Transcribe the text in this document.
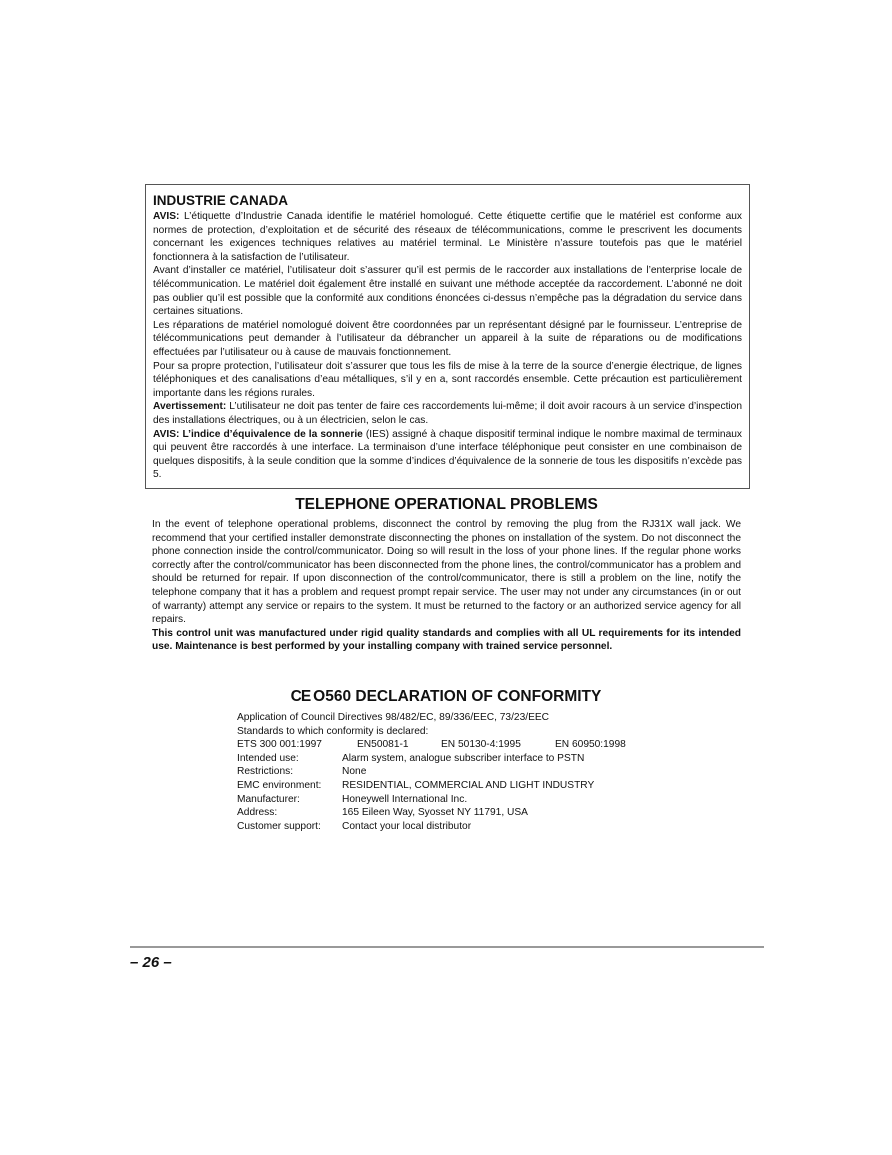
INDUSTRIE CANADA

AVIS: L’étiquette d’Industrie Canada identifie le matériel homologué. Cette étiquette certifie que le matériel est conforme aux normes de protection, d’exploitation et de sécurité des réseaux de télécommunications, comme le prescrivent les documents concernant les exigences techniques relatives au matériel terminal. Le Ministère n’assure toutefois pas que le matériel fonctionnera à la satisfaction de l’utilisateur.

Avant d’installer ce matériel, l’utilisateur doit s’assurer qu’il est permis de le raccorder aux installations de l’enterprise locale de télécommunication. Le matériel doit également être installé en suivant une méthode acceptée da raccordement. L’abonné ne doit pas oublier qu’il est possible que la conformité aux conditions énoncées ci-dessus n’empêche pas la dégradation du service dans certaines situations.

Les réparations de matériel nomologué doivent être coordonnées par un représentant désigné par le fournisseur. L’entreprise de télécommunications peut demander à l’utilisateur da débrancher un appareil à la suite de réparations ou de modifications effectuées par l’utilisateur ou à cause de mauvais fonctionnement.

Pour sa propre protection, l’utilisateur doit s’assurer que tous les fils de mise à la terre de la source d’energie électrique, de lignes téléphoniques et des canalisations d’eau métalliques, s’il y en a, sont raccordés ensemble. Cette précaution est particulièrement importante dans les régions rurales.

Avertissement: L’utilisateur ne doit pas tenter de faire ces raccordements lui-même; il doit avoir racours à un service d’inspection des installations électriques, ou à un électricien, selon le cas.

AVIS: L’indice d’équivalence de la sonnerie (IES) assigné à chaque dispositif terminal indique le nombre maximal de terminaux qui peuvent être raccordés à une interface. La terminaison d’une interface téléphonique peut consister en une combinaison de quelques dispositifs, à la seule condition que la somme d’indices d’équivalence de la sonnerie de tous les dispositifs n’excède pas 5.

TELEPHONE OPERATIONAL PROBLEMS

In the event of telephone operational problems, disconnect the control by removing the plug from the RJ31X wall jack. We recommend that your certified installer demonstrate disconnecting the phones on installation of the system. Do not disconnect the phone connection inside the control/communicator. Doing so will result in the loss of your phone lines. If the regular phone works correctly after the control/communicator has been disconnected from the phone lines, the control/communicator has a problem and should be returned for repair. If upon disconnection of the control/communicator, there is still a problem on the line, notify the telephone company that it has a problem and request prompt repair service. The user may not under any circumstances (in or out of warranty) attempt any service or repairs to the system. It must be returned to the factory or an authorized service agency for all repairs.

This control unit was manufactured under rigid quality standards and complies with all UL requirements for its intended use. Maintenance is best performed by your installing company with trained service personnel.

CE O560 DECLARATION OF CONFORMITY
Application of Council Directives 98/482/EC, 89/336/EEC, 73/23/EEC
Standards to which conformity is declared:
ETS 300 001:1997	EN50081-1	EN 50130-4:1995	EN 60950:1998
Intended use:	Alarm system, analogue subscriber interface to PSTN
Restrictions:	None
EMC environment:	RESIDENTIAL, COMMERCIAL AND LIGHT INDUSTRY
Manufacturer:	Honeywell International Inc.
Address:	165 Eileen Way, Syosset NY 11791, USA
Customer support:	Contact your local distributor
– 26 –
